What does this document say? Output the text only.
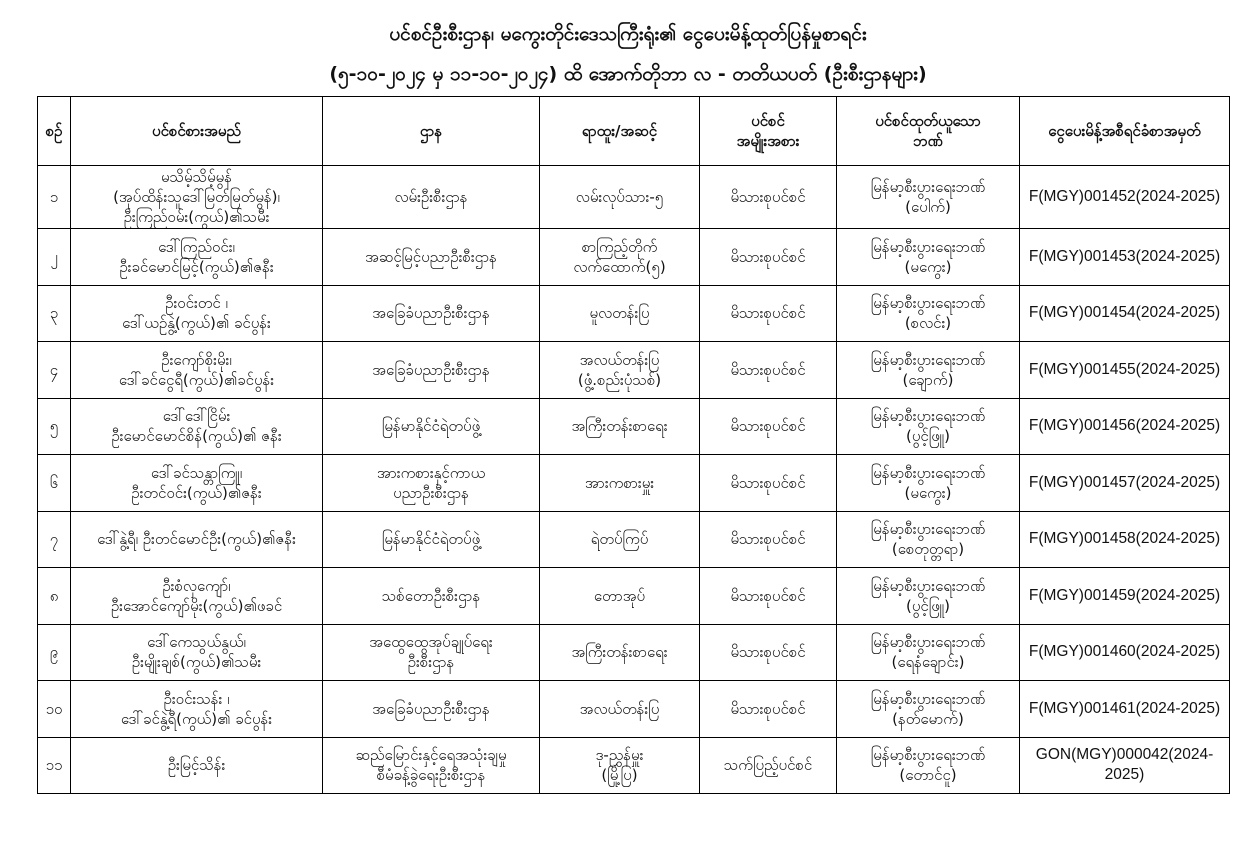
ပင်စင်ဦးစီးဌာန၊ မကွေးတိုင်းဒေသကြီးရုံး၏ ငွေပေးမိန့်ထုတ်ပြန်မှုစာရင်း
(၅-၁၀-၂၀၂၄ မှ ၁၁-၁၀-၂၀၂၄) ထိ အောက်တိုဘာ လ - တတိယပတ် (ဦးစီးဌာနများ)
စဉ်	ပင်စင်စားအမည်	ဌာန	ရာထူး/အဆင့်	ပင်စင်
အမျိုးအစား	ပင်စင်ထုတ်ယူသော
ဘဏ်	ငွေပေးမိန့်အစီရင်ခံစာအမှတ်
၁	မသိမ့်သိမ့်မွန်
(အုပ်ထိန်းသူဒေါ်မြတ်မြတ်မွန်)၊
ဦးကြည်ဝမ်း(ကွယ်)၏သမီး	လမ်းဦးစီးဌာန	လမ်းလုပ်သား-၅	မိသားစုပင်စင်	မြန်မာ့စီးပွားရေးဘဏ်
(ပေါက်)	F(MGY)001452(2024-2025)
၂	ဒေါ်ကြည်ဝင်း၊
ဦးခင်မောင်မြင့်(ကွယ်)၏ဇနီး	အဆင့်မြင့်ပညာဦးစီးဌာန	စာကြည့်တိုက်
လက်ထောက်(၅)	မိသားစုပင်စင်	မြန်မာ့စီးပွားရေးဘဏ်
(မကွေး)	F(MGY)001453(2024-2025)
၃	ဦးဝင်းတင် ၊
ဒေါ်ယဉ်နွဲ့(ကွယ်)၏ ခင်ပွန်း	အခြေခံပညာဦးစီးဌာန	မူလတန်းပြ	မိသားစုပင်စင်	မြန်မာ့စီးပွားရေးဘဏ်
(စလင်း)	F(MGY)001454(2024-2025)
၄	ဦးကျော်စိုးမိုး၊
ဒေါ်ခင်ငွေရီ(ကွယ်)၏ခင်ပွန်း	အခြေခံပညာဦးစီးဌာန	အလယ်တန်းပြ
(ဖွံ့.စည်းပုံသစ်)	မိသားစုပင်စင်	မြန်မာ့စီးပွားရေးဘဏ်
(ချောက်)	F(MGY)001455(2024-2025)
၅	ဒေါ်ဒေါ်ငြိမ်း
ဦးမောင်မောင်စိန်(ကွယ်)၏ ဇနီး	မြန်မာနိုင်ငံရဲတပ်ဖွဲ့	အကြီးတန်းစာရေး	မိသားစုပင်စင်	မြန်မာ့စီးပွားရေးဘဏ်
(ပွင့်ဖြူ)	F(MGY)001456(2024-2025)
၆	ဒေါ်ခင်သန္တာကြူ၊
ဦးတင်ဝင်း(ကွယ်)၏ဇနီး	အားကစားနှင့်ကာယ
ပညာဦးစီးဌာန	အားကစားမှူး	မိသားစုပင်စင်	မြန်မာ့စီးပွားရေးဘဏ်
(မကွေး)	F(MGY)001457(2024-2025)
၇	ဒေါ်နွဲ့ရီ၊ ဦးတင်မောင်ဦး(ကွယ်)၏ဇနီး	မြန်မာနိုင်ငံရဲတပ်ဖွဲ့	ရဲတပ်ကြပ်	မိသားစုပင်စင်	မြန်မာ့စီးပွားရေးဘဏ်
(စေတုတ္တရာ)	F(MGY)001458(2024-2025)
၈	ဦးစံလှကျော်၊
ဦးအောင်ကျော်မိုး(ကွယ်)၏ဖခင်	သစ်တောဦးစီးဌာန	တောအုပ်	မိသားစုပင်စင်	မြန်မာ့စီးပွားရေးဘဏ်
(ပွင့်ဖြူ)	F(MGY)001459(2024-2025)
၉	ဒေါ်ကေသွယ်နွယ်၊
ဦးမျိုးချစ်(ကွယ်)၏သမီး	အထွေထွေအုပ်ချုပ်ရေး
ဦးစီးဌာန	အကြီးတန်းစာရေး	မိသားစုပင်စင်	မြန်မာ့စီးပွားရေးဘဏ်
(ရေနံချောင်း)	F(MGY)001460(2024-2025)
၁၀	ဦးဝင်းသန်း ၊
ဒေါ်ခင်နွဲ့ရီ(ကွယ်)၏ ခင်ပွန်း	အခြေခံပညာဦးစီးဌာန	အလယ်တန်းပြ	မိသားစုပင်စင်	မြန်မာ့စီးပွားရေးဘဏ်
(နတ်မောက်)	F(MGY)001461(2024-2025)
၁၁	ဦးမြင့်သိန်း	ဆည်မြောင်းနှင့်ရေအသုံးချမှု
စီမံခန့်ခွဲရေးဦးစီးဌာန	ဒု-ညွှန်မှူး
(မြို့ပြ)	သက်ပြည့်ပင်စင်	မြန်မာ့စီးပွားရေးဘဏ်
(တောင်ငူ)	GON(MGY)000042(2024-2025)
